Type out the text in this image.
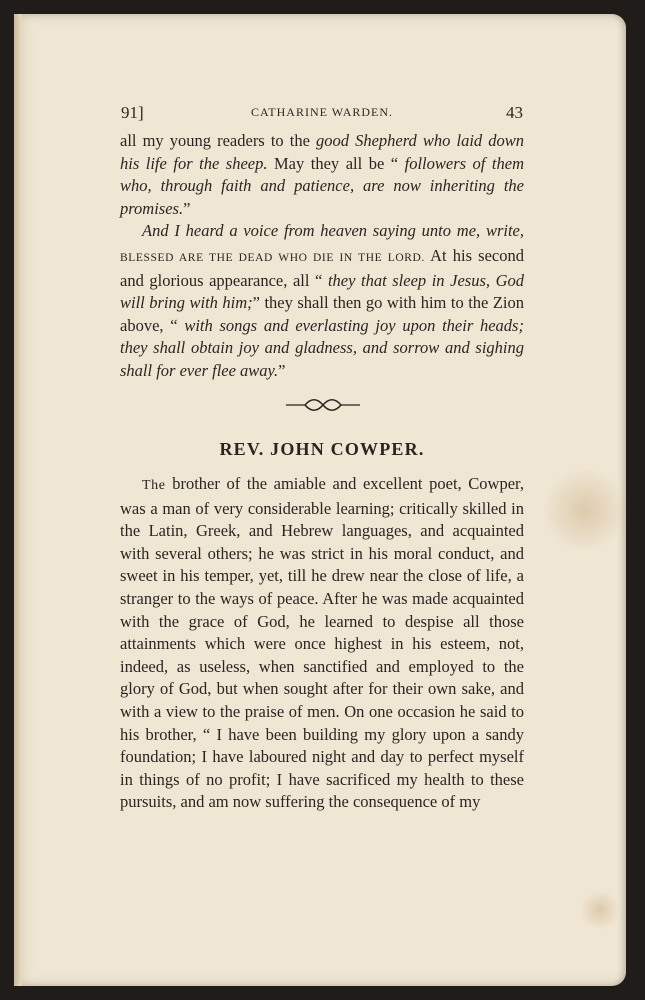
91]	CATHARINE WARDEN.	43

all my young readers to the good Shepherd who laid down his life for the sheep. May they all be “ followers of them who, through faith and patience, are now inheriting the promises.”

And I heard a voice from heaven saying unto me, write, BLESSED ARE THE DEAD WHO DIE IN THE LORD. At his second and glorious appearance, all “ they that sleep in Jesus, God will bring with him;” they shall then go with him to the Zion above, “ with songs and everlasting joy upon their heads; they shall obtain joy and gladness, and sorrow and sighing shall for ever flee away.”

REV. JOHN COWPER.

The brother of the amiable and excellent poet, Cowper, was a man of very considerable learning; critically skilled in the Latin, Greek, and Hebrew languages, and acquainted with several others; he was strict in his moral conduct, and sweet in his temper, yet, till he drew near the close of life, a stranger to the ways of peace. After he was made acquainted with the grace of God, he learned to despise all those attainments which were once highest in his esteem, not, indeed, as useless, when sanctified and employed to the glory of God, but when sought after for their own sake, and with a view to the praise of men. On one occasion he said to his brother, “ I have been building my glory upon a sandy foundation; I have laboured night and day to perfect myself in things of no profit; I have sacrificed my health to these pursuits, and am now suffering the consequence of my
